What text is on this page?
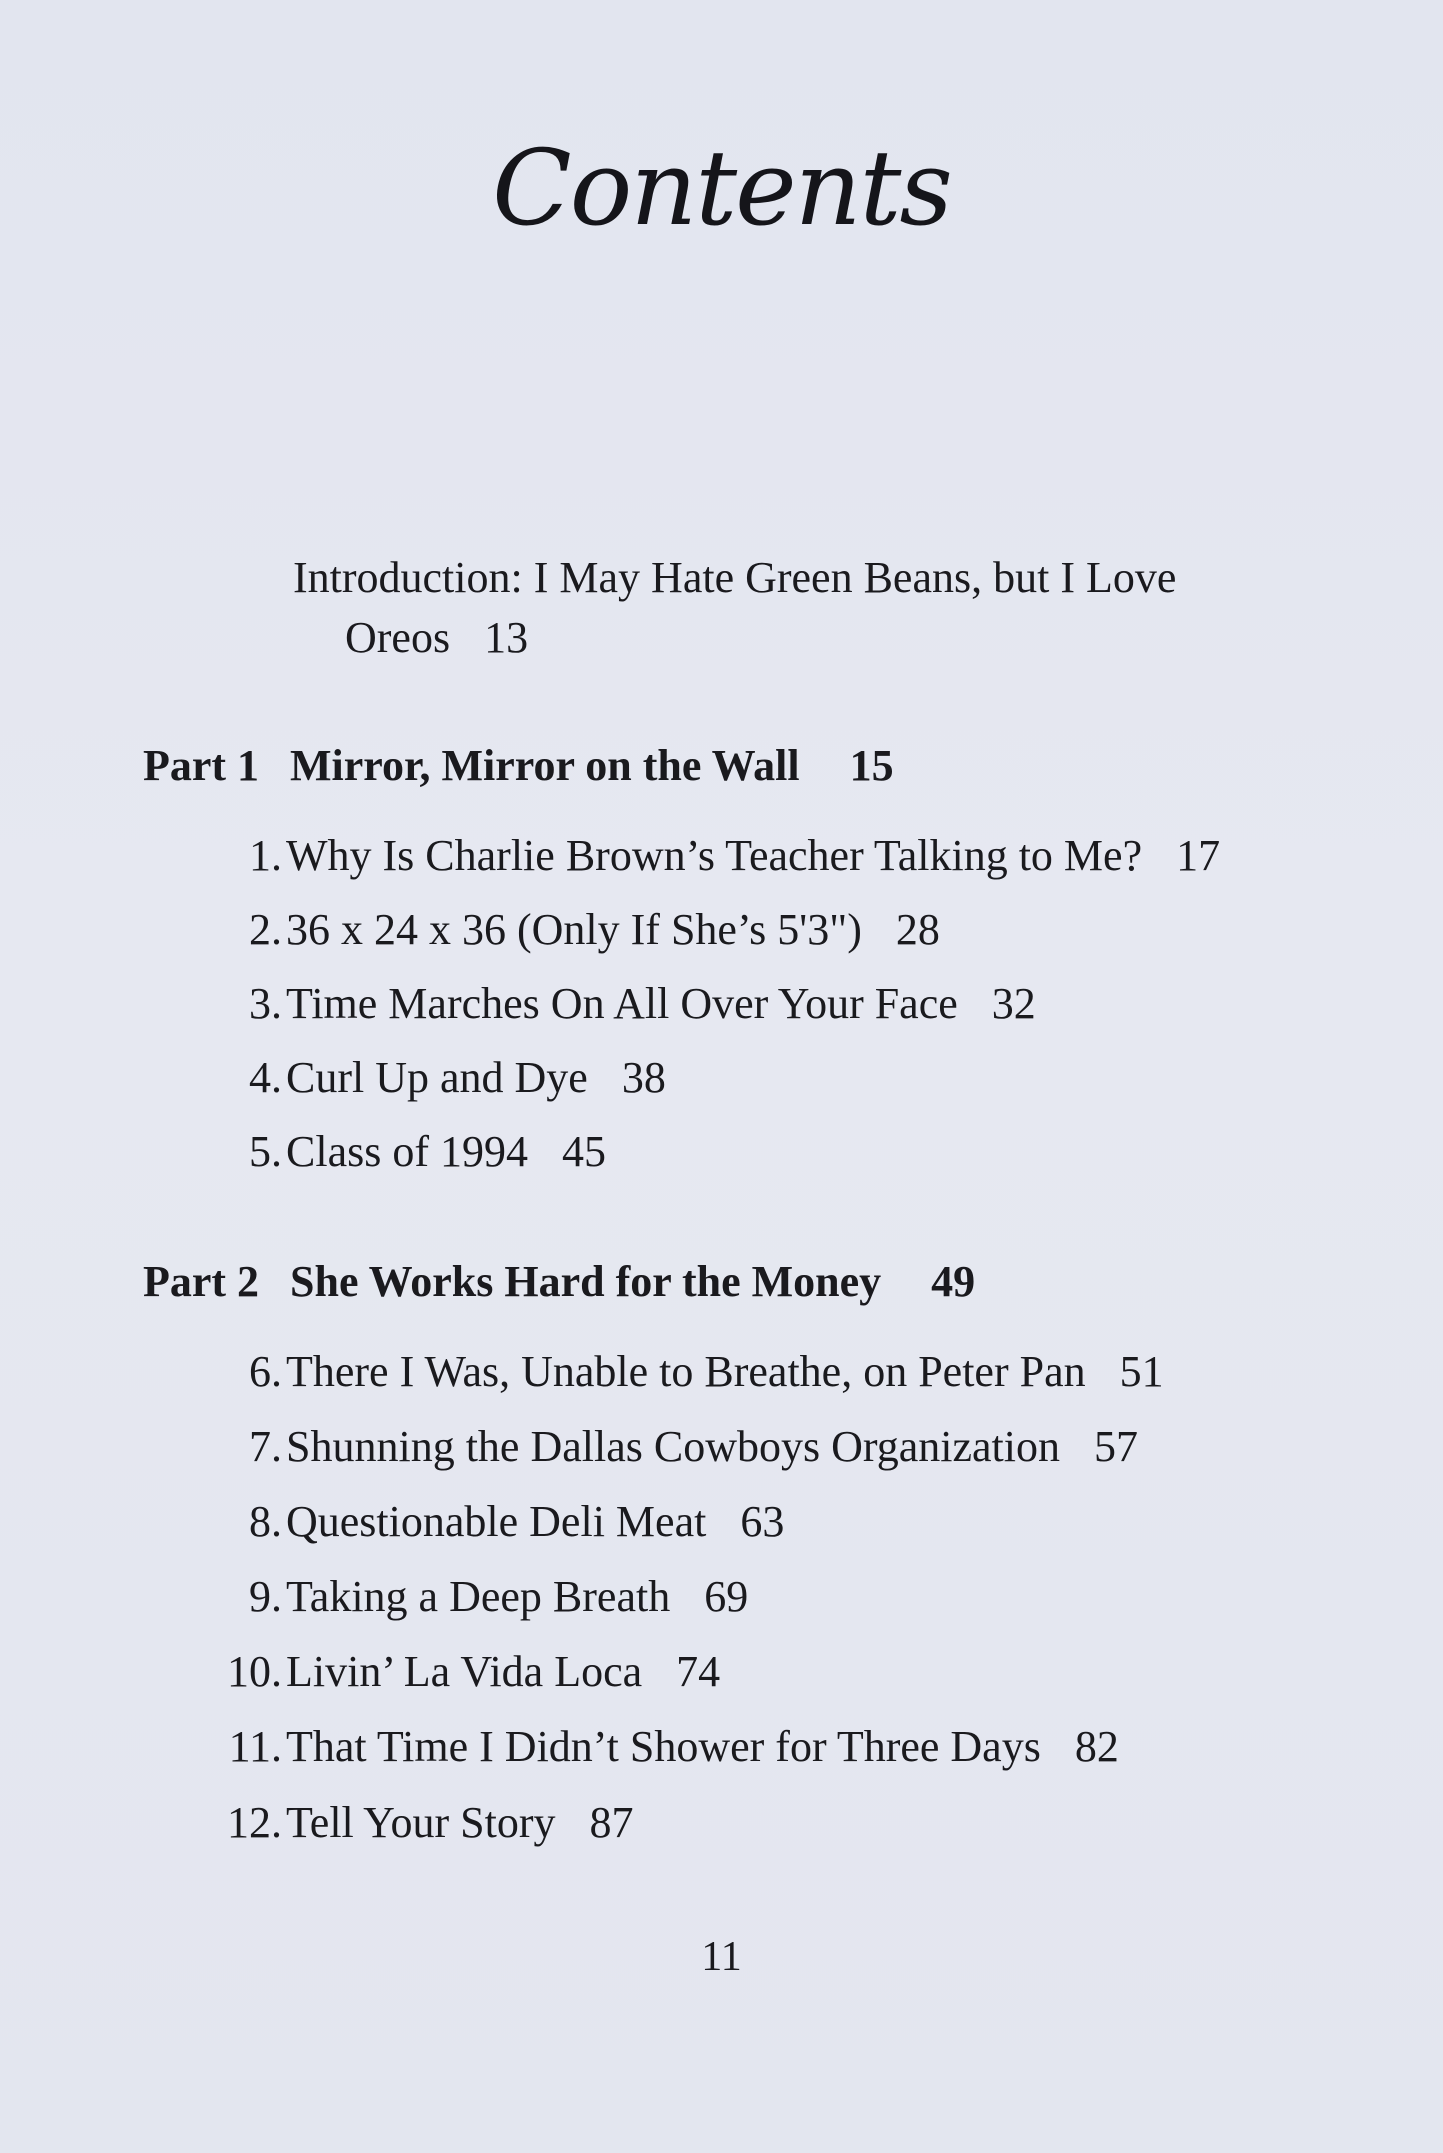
Contents
Introduction: I May Hate Green Beans, but I Love
Oreos 13
Part 1 Mirror, Mirror on the Wall 15
1.Why Is Charlie Brown’s Teacher Talking to Me? 17
2.36 x 24 x 36 (Only If She’s 5'3") 28
3.Time Marches On All Over Your Face 32
4.Curl Up and Dye 38
5.Class of 1994 45
Part 2 She Works Hard for the Money 49
6.There I Was, Unable to Breathe, on Peter Pan 51
7.Shunning the Dallas Cowboys Organization 57
8.Questionable Deli Meat 63
9.Taking a Deep Breath 69
10.Livin’ La Vida Loca 74
11.That Time I Didn’t Shower for Three Days 82
12.Tell Your Story 87
11
